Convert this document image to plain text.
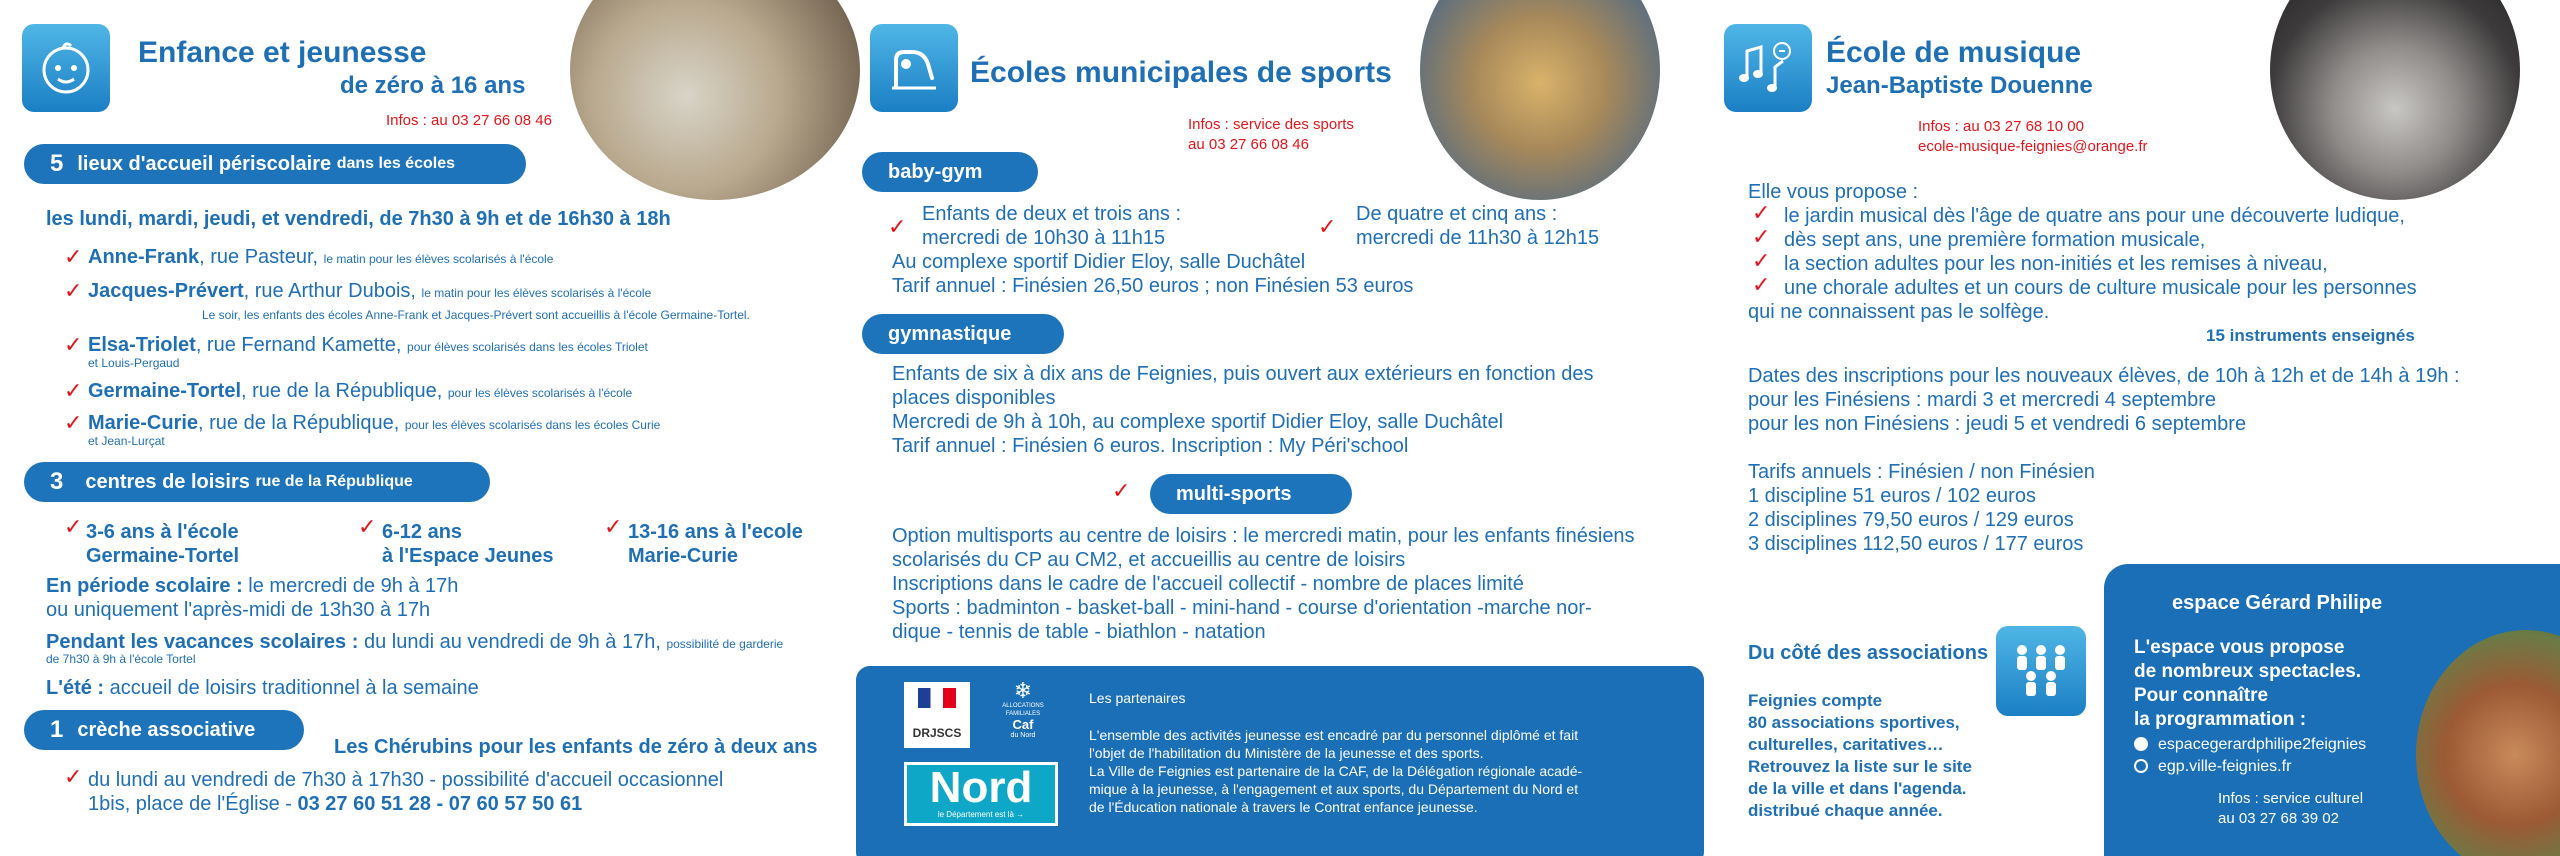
Enfance et jeunesse
de zéro à 16 ans
Infos : au 03 27 66 08 46
5 lieux d'accueil périscolaire
dans les écoles
les lundi, mardi, jeudi, et vendredi, de 7h30 à 9h et de 16h30 à 18h
✓ Anne-Frank, rue Pasteur, le matin pour les élèves scolarisés à l'école
✓ Jacques-Prévert, rue Arthur Dubois, le matin pour les élèves scolarisés à l'école
Le soir, les enfants des écoles Anne-Frank et Jacques-Prévert sont accueillis à l'école Germaine-Tortel.
✓ Elsa-Triolet, rue Fernand Kamette, pour élèves scolarisés dans les écoles Triolet
et Louis-Pergaud
✓ Germaine-Tortel, rue de la République, pour les élèves scolarisés à l'école
✓ Marie-Curie, rue de la République, pour les élèves scolarisés dans les écoles Curie
et Jean-Lurçat
3 centres de loisirs
rue de la République
✓ 3-6 ans à l'école
Germaine-Tortel
✓ 6-12 ans
à l'Espace Jeunes
✓ 13-16 ans à l'ecole
Marie-Curie
En période scolaire : le mercredi de 9h à 17h
ou uniquement l'après-midi de 13h30 à 17h
Pendant les vacances scolaires : du lundi au vendredi de 9h à 17h, possibilité de garderie
de 7h30 à 9h à l'école Tortel
L'été : accueil de loisirs traditionnel à la semaine
1 crèche associative
Les Chérubins pour les enfants de zéro à deux ans
✓ du lundi au vendredi de 7h30 à 17h30 - possibilité d'accueil occasionnel
1bis, place de l'Église - 03 27 60 51 28 - 07 60 57 50 61
Écoles municipales de sports
Infos : service des sports
au 03 27 66 08 46
baby-gym
✓ Enfants de deux et trois ans :
mercredi de 10h30 à 11h15	✓ De quatre et cinq ans :
mercredi de 11h30 à 12h15
Au complexe sportif Didier Eloy, salle Duchâtel
Tarif annuel : Finésien 26,50 euros ; non Finésien 53 euros
gymnastique
Enfants de six à dix ans de Feignies, puis ouvert aux extérieurs en fonction des
places disponibles
Mercredi de 9h à 10h, au complexe sportif Didier Eloy, salle Duchâtel
Tarif annuel : Finésien 6 euros. Inscription : My Péri'school
✓	multi-sports
Option multisports au centre de loisirs : le mercredi matin, pour les enfants finésiens
scolarisés du CP au CM2, et accueillis au centre de loisirs
Inscriptions dans le cadre de l'accueil collectif - nombre de places limité
Sports : badminton - basket-ball - mini-hand - course d'orientation -marche nor-
dique - tennis de table - biathlon - natation
DRJSCS
❄
ALLOCATIONS
FAMILIALES
Caf
du Nord
Nord
le Département est là →
Les partenaires
L'ensemble des activités jeunesse est encadré par du personnel diplômé et fait
l'objet de l'habilitation du Ministère de la jeunesse et des sports.
La Ville de Feignies est partenaire de la CAF, de la Délégation régionale acadé-
mique à la jeunesse, à l'engagement et aux sports, du Département du Nord et
de l'Éducation nationale à travers le Contrat enfance jeunesse.
École de musique
Jean-Baptiste Douenne
Infos : au 03 27 68 10 00
ecole-musique-feignies@orange.fr
Elle vous propose :
✓ le jardin musical dès l'âge de quatre ans pour une découverte ludique,
✓ dès sept ans, une première formation musicale,
✓ la section adultes pour les non-initiés et les remises à niveau,
✓ une chorale adultes et un cours de culture musicale pour les personnes
qui ne connaissent pas le solfège.
15 instruments enseignés
Dates des inscriptions pour les nouveaux élèves, de 10h à 12h et de 14h à 19h :
pour les Finésiens : mardi 3 et mercredi 4 septembre
pour les non Finésiens : jeudi 5 et vendredi 6 septembre
Tarifs annuels : Finésien / non Finésien
1 discipline 51 euros / 102 euros
2 disciplines 79,50 euros / 129 euros
3 disciplines 112,50 euros / 177 euros
Du côté des associations
Feignies compte
80 associations sportives,
culturelles, caritatives…
Retrouvez la liste sur le site
de la ville et dans l'agenda.
distribué chaque année.
espace Gérard Philipe
L'espace vous propose
de nombreux spectacles.
Pour connaître
la programmation :
espacegerardphilipe2feignies
egp.ville-feignies.fr
Infos : service culturel
au 03 27 68 39 02
